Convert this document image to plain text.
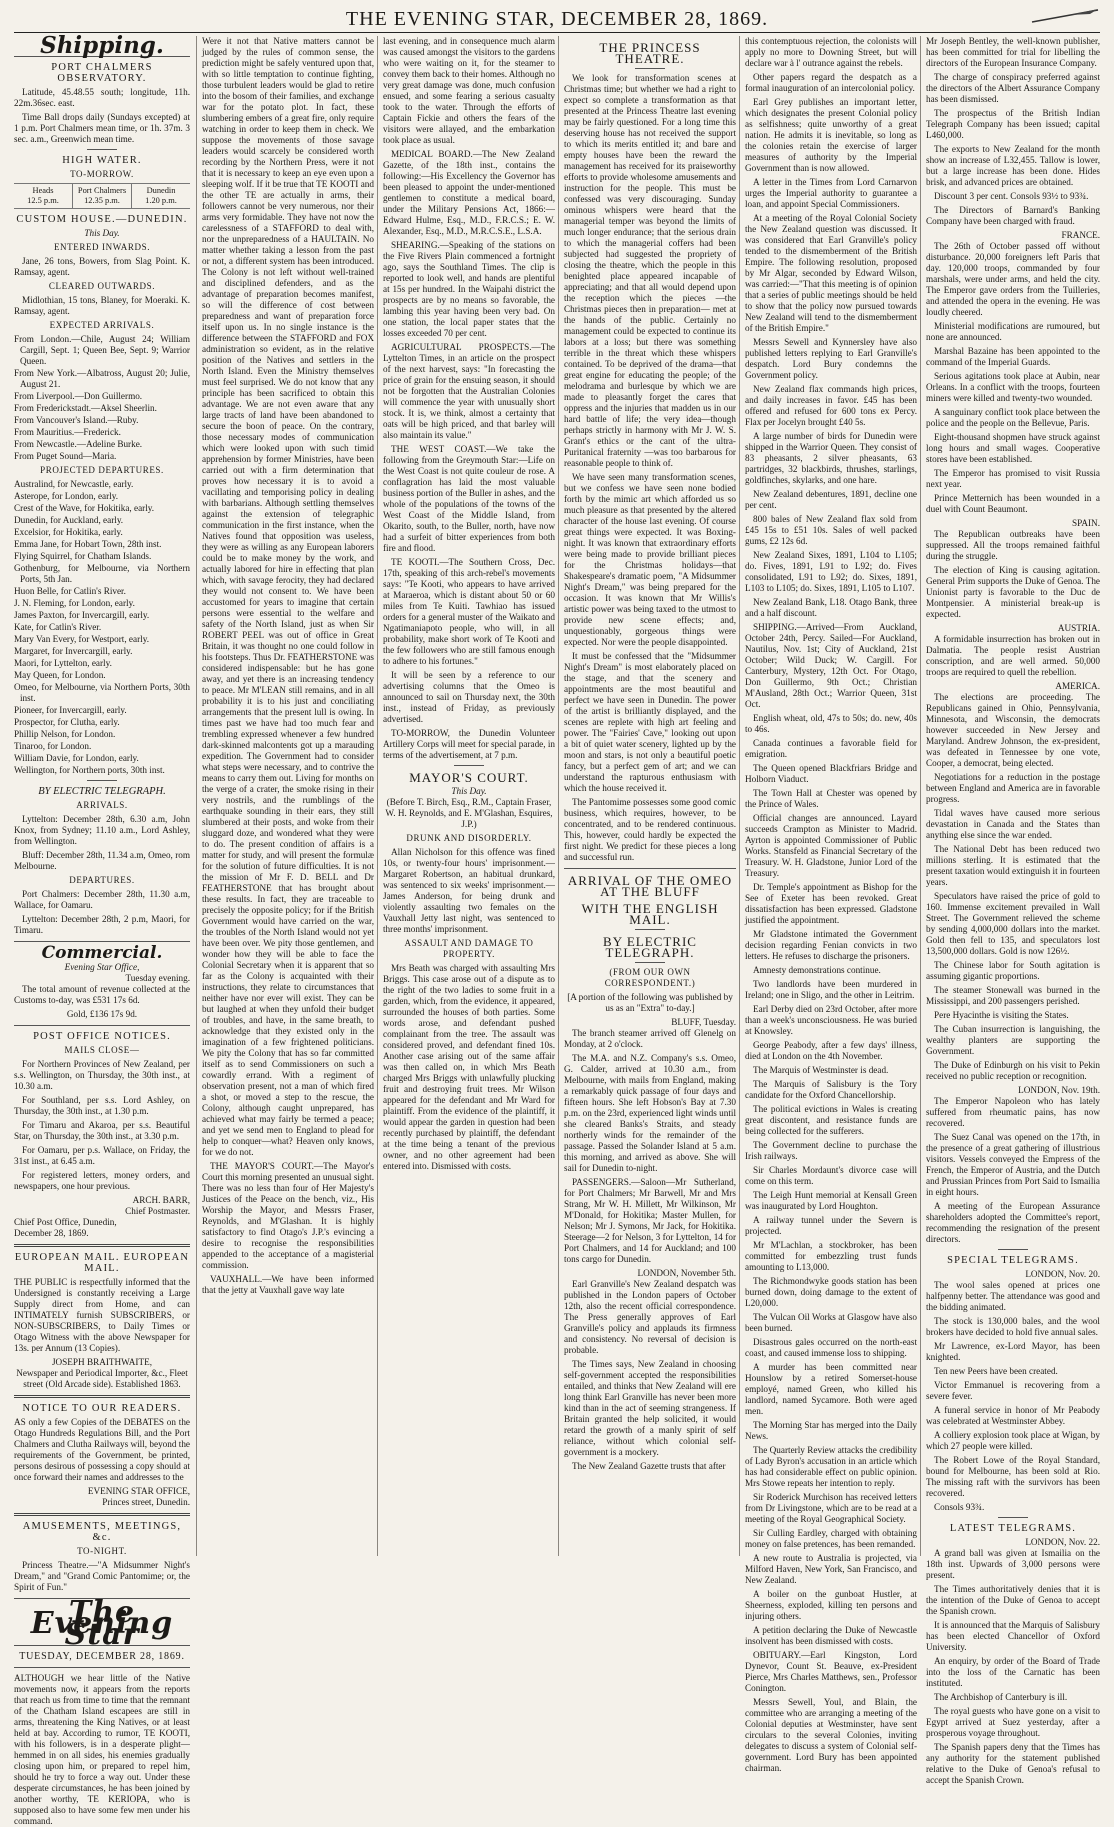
THE EVENING STAR, DECEMBER 28, 1869.
Shipping.
PORT CHALMERS OBSERVATORY.

Latitude, 45.48.55 south; longitude, 11h. 22m.36sec. east.

Time Ball drops daily (Sundays excepted) at 1 p.m. Port Chalmers mean time, or 1h. 37m. 3 sec. a.m., Greenwich mean time.

HIGH WATER.
TO-MORROW.
Heads
12.5 p.m.
Port Chalmers
12.35 p.m.
Dunedin
1.20 p.m.
CUSTOM HOUSE.—DUNEDIN.
This Day.
ENTERED INWARDS.

Jane, 26 tons, Bowers, from Slag Point. K. Ramsay, agent.

CLEARED OUTWARDS.

Midlothian, 15 tons, Blaney, for Moeraki. K. Ramsay, agent.

EXPECTED ARRIVALS.
From London.—Chile, August 24; William Cargill, Sept. 1; Queen Bee, Sept. 9; Warrior Queen.
From New York.—Albatross, August 20; Julie, August 21.
From Liverpool.—Don Guillermo.
From Frederickstadt.—Aksel Sheerlin.
From Vancouver's Island.—Ruby.
From Mauritius.—Frederick.
From Newcastle.—Adeline Burke.
From Puget Sound—Maria.
PROJECTED DEPARTURES.
Australind, for Newcastle, early.
Asterope, for London, early.
Crest of the Wave, for Hokitika, early.
Dunedin, for Auckland, early.
Excelsior, for Hokitika, early.
Emma Jane, for Hobart Town, 28th inst.
Flying Squirrel, for Chatham Islands.
Gothenburg, for Melbourne, via Northern Ports, 5th Jan.
Huon Belle, for Catlin's River.
J. N. Fleming, for London, early.
James Paxton, for Invercargill, early.
Kate, for Catlin's River.
Mary Van Every, for Westport, early.
Margaret, for Invercargill, early.
Maori, for Lyttelton, early.
May Queen, for London.
Omeo, for Melbourne, via Northern Ports, 30th inst.
Pioneer, for Invercargill, early.
Prospector, for Clutha, early.
Phillip Nelson, for London.
Tinaroo, for London.
William Davie, for London, early.
Wellington, for Northern ports, 30th inst.
BY ELECTRIC TELEGRAPH.
ARRIVALS.

Lyttelton: December 28th, 6.30 a.m, John Knox, from Sydney; 11.10 a.m., Lord Ashley, from Wellington.

Bluff: December 28th, 11.34 a.m, Omeo, rom Melbourne.

DEPARTURES.

Port Chalmers: December 28th, 11.30 a.m, Wallace, for Oamaru.

Lyttelton: December 28th, 2 p.m, Maori, for Timaru.

Commercial.
Evening Star Office,
Tuesday evening.

The total amount of revenue collected at the Customs to-day, was £531 17s 6d.

Gold, £136 17s 9d.
POST OFFICE NOTICES.
MAILS CLOSE—

For Northern Provinces of New Zealand, per s.s. Wellington, on Thursday, the 30th inst., at 10.30 a.m.

For Southland, per s.s. Lord Ashley, on Thursday, the 30th inst., at 1.30 p.m.

For Timaru and Akaroa, per s.s. Beautiful Star, on Thursday, the 30th inst., at 3.30 p.m.

For Oamaru, per p.s. Wallace, on Friday, the 31st inst., at 6.45 a.m.

For registered letters, money orders, and newspapers, one hour previous.

ARCH. BARR,
Chief Postmaster.
Chief Post Office, Dunedin,
December 28, 1869.
EUROPEAN MAIL. EUROPEAN MAIL.

THE PUBLIC is respectfully informed that the Undersigned is constantly receiving a Large Supply direct from Home, and can INTIMATELY furnish SUBSCRIBERS, or NON-SUBSCRIBERS, to Daily Times or Otago Witness with the above Newspaper for 13s. per Annum (13 Copies).

JOSEPH BRAITHWAITE,
Newspaper and Periodical Importer, &c., Fleet street (Old Arcade side). Established 1863.
NOTICE TO OUR READERS.

AS only a few Copies of the DEBATES on the Otago Hundreds Regulations Bill, and the Port Chalmers and Clutha Railways will, beyond the requirements of the Government, be printed, persons desirous of possessing a copy should at once forward their names and addresses to the

EVENING STAR OFFICE,
Princes street, Dunedin.
AMUSEMENTS, MEETINGS, &c.
TO-NIGHT.

Princess Theatre.—"A Midsummer Night's Dream," and "Grand Comic Pantomime; or, the Spirit of Fun."

The Evening Star
TUESDAY, DECEMBER 28, 1869.

ALTHOUGH we hear little of the Native movements now, it appears from the reports that reach us from time to time that the remnant of the Chatham Island escapees are still in arms, threatening the King Natives, or at least held at bay. According to rumor, TE KOOTI, with his followers, is in a desperate plight—hemmed in on all sides, his enemies gradually closing upon him, or prepared to repel him, should he try to force a way out. Under these desperate circumstances, he has been joined by another worthy, TE KERIOPA, who is supposed also to have some few men under his command.

Were it not that Native matters cannot be judged by the rules of common sense, the prediction might be safely ventured upon that, with so little temptation to continue fighting, those turbulent leaders would be glad to retire into the bosom of their families, and exchange war for the potato plot. In fact, these slumbering embers of a great fire, only require watching in order to keep them in check. We suppose the movements of those savage leaders would scarcely be considered worth recording by the Northern Press, were it not that it is necessary to keep an eye even upon a sleeping wolf. If it be true that TE KOOTI and the other TE are actually in arms, their followers cannot be very numerous, nor their arms very formidable. They have not now the carelessness of a STAFFORD to deal with, nor the unpreparedness of a HAULTAIN. No matter whether taking a lesson from the past or not, a different system has been introduced. The Colony is not left without well-trained and disciplined defenders, and as the advantage of preparation becomes manifest, so will the difference of cost between preparedness and want of preparation force itself upon us. In no single instance is the difference between the STAFFORD and FOX administration so evident, as in the relative position of the Natives and settlers in the North Island. Even the Ministry themselves must feel surprised. We do not know that any principle has been sacrificed to obtain this advantage. We are not even aware that any large tracts of land have been abandoned to secure the boon of peace. On the contrary, those necessary modes of communication which were looked upon with such timid apprehension by former Ministries, have been carried out with a firm determination that proves how necessary it is to avoid a vacillating and temporising policy in dealing with barbarians. Although settling themselves against the extension of telegraphic communication in the first instance, when the Natives found that opposition was useless, they were as willing as any European laborers could be to make money by the work, and actually labored for hire in effecting that plan which, with savage ferocity, they had declared they would not consent to. We have been accustomed for years to imagine that certain persons were essential to the welfare and safety of the North Island, just as when Sir ROBERT PEEL was out of office in Great Britain, it was thought no one could follow in his footsteps. Thus Dr. FEATHERSTONE was considered indispensable: but he has gone away, and yet there is an increasing tendency to peace. Mr M'LEAN still remains, and in all probability it is to his just and conciliating arrangements that the present lull is owing. In times past we have had too much fear and trembling expressed whenever a few hundred dark-skinned malcontents got up a marauding expedition. The Government had to consider what steps were necessary, and to contrive the means to carry them out. Living for months on the verge of a crater, the smoke rising in their very nostrils, and the rumblings of the earthquake sounding in their ears, they still slumbered at their posts, and woke from their sluggard doze, and wondered what they were to do. The present condition of affairs is a matter for study, and will present the formulæ for the solution of future difficulties. It is not the mission of Mr F. D. BELL and Dr FEATHERSTONE that has brought about these results. In fact, they are traceable to precisely the opposite policy; for if the British Government would have carried on the war, the troubles of the North Island would not yet have been over. We pity those gentlemen, and wonder how they will be able to face the Colonial Secretary when it is apparent that so far as the Colony is acquainted with their instructions, they relate to circumstances that neither have nor ever will exist. They can be but laughed at when they unfold their budget of troubles, and have, in the same breath, to acknowledge that they existed only in the imagination of a few frightened politicians. We pity the Colony that has so far committed itself as to send Commissioners on such a cowardly errand. With a regiment of observation present, not a man of which fired a shot, or moved a step to the rescue, the Colony, although caught unprepared, has achieved what may fairly be termed a peace; and yet we send men to England to plead for help to conquer—what? Heaven only knows, for we do not.

THE MAYOR'S COURT.—The Mayor's Court this morning presented an unusual sight. There was no less than four of Her Majesty's Justices of the Peace on the bench, viz., His Worship the Mayor, and Messrs Fraser, Reynolds, and M'Glashan. It is highly satisfactory to find Otago's J.P.'s evincing a desire to recognise the responsibilities appended to the acceptance of a magisterial commission.

VAUXHALL.—We have been informed that the jetty at Vauxhall gave way late

last evening, and in consequence much alarm was caused amongst the visitors to the gardens who were waiting on it, for the steamer to convey them back to their homes. Although no very great damage was done, much confusion ensued, and some fearing a serious casualty took to the water. Through the efforts of Captain Fickie and others the fears of the visitors were allayed, and the embarkation took place as usual.

MEDICAL BOARD.—The New Zealand Gazette, of the 18th inst., contains the following:—His Excellency the Governor has been pleased to appoint the under-mentioned gentlemen to constitute a medical board, under the Military Pensions Act, 1866:—Edward Hulme, Esq., M.D., F.R.C.S.; E. W. Alexander, Esq., M.D., M.R.C.S.E., L.S.A.

SHEARING.—Speaking of the stations on the Five Rivers Plain commenced a fortnight ago, says the Southland Times. The clip is reported to look well, and hands are plentiful at 15s per hundred. In the Waipahi district the prospects are by no means so favorable, the lambing this year having been very bad. On one station, the local paper states that the losses exceeded 70 per cent.

AGRICULTURAL PROSPECTS.—The Lyttelton Times, in an article on the prospect of the next harvest, says: "In forecasting the price of grain for the ensuing season, it should not be forgotten that the Australian Colonies will commence the year with unusually short stock. It is, we think, almost a certainty that oats will be high priced, and that barley will also maintain its value."

THE WEST COAST.—We take the following from the Greymouth Star:—Life on the West Coast is not quite couleur de rose. A conflagration has laid the most valuable business portion of the Buller in ashes, and the whole of the populations of the towns of the West Coast of the Middle Island, from Okarito, south, to the Buller, north, have now had a surfeit of bitter experiences from both fire and flood.

TE KOOTI.—The Southern Cross, Dec. 17th, speaking of this arch-rebel's movements says: "Te Kooti, who appears to have arrived at Maraeroa, which is distant about 50 or 60 miles from Te Kuiti. Tawhiao has issued orders for a general muster of the Waikato and Ngatimaniapoto people, who will, in all probability, make short work of Te Kooti and the few followers who are still famous enough to adhere to his fortunes."

It will be seen by a reference to our advertising columns that the Omeo is announced to sail on Thursday next, the 30th inst., instead of Friday, as previously advertised.

TO-MORROW, the Dunedin Volunteer Artillery Corps will meet for special parade, in terms of the advertisement, at 7 p.m.

MAYOR'S COURT.
This Day.

(Before T. Birch, Esq., R.M., Captain Fraser, W. H. Reynolds, and E. M'Glashan, Esquires, J.P.)

DRUNK AND DISORDERLY.

Allan Nicholson for this offence was fined 10s, or twenty-four hours' imprisonment.—Margaret Robertson, an habitual drunkard, was sentenced to six weeks' imprisonment.—James Anderson, for being drunk and violently assaulting two females on the Vauxhall Jetty last night, was sentenced to three months' imprisonment.

ASSAULT AND DAMAGE TO PROPERTY.

Mrs Beath was charged with assaulting Mrs Briggs. This case arose out of a dispute as to the right of the two ladies to some fruit in a garden, which, from the evidence, it appeared, surrounded the houses of both parties. Some words arose, and defendant pushed complainant from the tree. The assault was considered proved, and defendant fined 10s. Another case arising out of the same affair was then called on, in which Mrs Beath charged Mrs Briggs with unlawfully plucking fruit and destroying fruit trees. Mr Wilson appeared for the defendant and Mr Ward for plaintiff. From the evidence of the plaintiff, it would appear the garden in question had been recently purchased by plaintiff, the defendant at the time being a tenant of the previous owner, and no other agreement had been entered into. Dismissed with costs.

THE PRINCESS THEATRE.

We look for transformation scenes at Christmas time; but whether we had a right to expect so complete a transformation as that presented at the Princess Theatre last evening may be fairly questioned. For a long time this deserving house has not received the support to which its merits entitled it; and bare and empty houses have been the reward the management has received for its praiseworthy efforts to provide wholesome amusements and instruction for the people. This must be confessed was very discouraging. Sunday ominous whispers were heard that the managerial temper was beyond the limits of much longer endurance; that the serious drain to which the managerial coffers had been subjected had suggested the propriety of closing the theatre, which the people in this benighted place appeared incapable of appreciating; and that all would depend upon the reception which the pieces —the Christmas pieces then in preparation— met at the hands of the public. Certainly no management could be expected to continue its labors at a loss; but there was something terrible in the threat which these whispers contained. To be deprived of the drama—that great engine for educating the people; of the melodrama and burlesque by which we are made to pleasantly forget the cares that oppress and the injuries that madden us in our hard battle of life; the very idea—though perhaps strictly in harmony with Mr J. W. S. Grant's ethics or the cant of the ultra-Puritanical fraternity —was too barbarous for reasonable people to think of.

We have seen many transformation scenes, but we confess we have seen none bodied forth by the mimic art which afforded us so much pleasure as that presented by the altered character of the house last evening. Of course great things were expected. It was Boxing-night. It was known that extraordinary efforts were being made to provide brilliant pieces for the Christmas holidays—that Shakespeare's dramatic poem, "A Midsummer Night's Dream," was being prepared for the occasion. It was known that Mr Willis's artistic power was being taxed to the utmost to provide new scene effects; and, unquestionably, gorgeous things were expected. Nor were the people disappointed.

It must be confessed that the "Midsummer Night's Dream" is most elaborately placed on the stage, and that the scenery and appointments are the most beautiful and perfect we have seen in Dunedin. The power of the artist is brilliantly displayed, and the scenes are replete with high art feeling and power. The "Fairies' Cave," looking out upon a bit of quiet water scenery, lighted up by the moon and stars, is not only a beautiful poetic fancy, but a perfect gem of art; and we can understand the rapturous enthusiasm with which the house received it.

The Pantomime possesses some good comic business, which requires, however, to be concentrated, and to be rendered continuous. This, however, could hardly be expected the first night. We predict for these pieces a long and successful run.

ARRIVAL OF THE OMEO AT THE BLUFF
WITH THE ENGLISH MAIL.
BY ELECTRIC TELEGRAPH.
(FROM OUR OWN CORRESPONDENT.)

[A portion of the following was published by us as an "Extra" to-day.]

BLUFF, Tuesday.

The branch steamer arrived off Glenelg on Monday, at 2 o'clock.

The M.A. and N.Z. Company's s.s. Omeo, G. Calder, arrived at 10.30 a.m., from Melbourne, with mails from England, making a remarkably quick passage of four days and fifteen hours. She left Hobson's Bay at 7.30 p.m. on the 23rd, experienced light winds until she cleared Banks's Straits, and steady northerly winds for the remainder of the passage. Passed the Solander Island at 5 a.m. this morning, and arrived as above. She will sail for Dunedin to-night.

PASSENGERS.—Saloon—Mr Sutherland, for Port Chalmers; Mr Barwell, Mr and Mrs Strang, Mr W. H. Millett, Mr Wilkinson, Mr M'Donald, for Hokitika; Master Mullen, for Nelson; Mr J. Symons, Mr Jack, for Hokitika. Steerage—2 for Nelson, 3 for Lyttelton, 14 for Port Chalmers, and 14 for Auckland; and 100 tons cargo for Dunedin.

LONDON, November 5th.

Earl Granville's New Zealand despatch was published in the London papers of October 12th, also the recent official correspondence. The Press generally approves of Earl Granville's policy and applauds its firmness and consistency. No reversal of decision is probable.

The Times says, New Zealand in choosing self-government accepted the responsibilities entailed, and thinks that New Zealand will ere long think Earl Granville has never been more kind than in the act of seeming strangeness. If Britain granted the help solicited, it would retard the growth of a manly spirit of self reliance, without which colonial self-government is a mockery.

The New Zealand Gazette trusts that after

this contemptuous rejection, the colonists will apply no more to Downing Street, but will declare war à l' outrance against the rebels.

Other papers regard the despatch as a formal inauguration of an intercolonial policy.

Earl Grey publishes an important letter, which designates the present Colonial policy as selfishness; quite unworthy of a great nation. He admits it is inevitable, so long as the colonies retain the exercise of larger measures of authority by the Imperial Government than is now allowed.

A letter in the Times from Lord Carnarvon urges the Imperial authority to guarantee a loan, and appoint Special Commissioners.

At a meeting of the Royal Colonial Society the New Zealand question was discussed. It was considered that Earl Granville's policy tended to the dismemberment of the British Empire. The following resolution, proposed by Mr Algar, seconded by Edward Wilson, was carried:—"That this meeting is of opinion that a series of public meetings should be held to show that the policy now pursued towards New Zealand will tend to the dismemberment of the British Empire."

Messrs Sewell and Kynnersley have also published letters replying to Earl Granville's despatch. Lord Bury condemns the Government policy.

New Zealand flax commands high prices, and daily increases in favor. £45 has been offered and refused for 600 tons ex Percy. Flax per Jocelyn brought £40 5s.

A large number of birds for Dunedin were shipped in the Warrior Queen. They consist of 83 pheasants, 2 silver pheasants, 63 partridges, 32 blackbirds, thrushes, starlings, goldfinches, skylarks, and one hare.

New Zealand debentures, 1891, decline one per cent.

800 bales of New Zealand flax sold from £45 15s to £51 10s. Sales of well packed gums, £2 12s 6d.

New Zealand Sixes, 1891, L104 to L105; do. Fives, 1891, L91 to L92; do. Fives consolidated, L91 to L92; do. Sixes, 1891, L103 to L105; do. Sixes, 1891, L105 to L107.

New Zealand Bank, L18. Otago Bank, three and a half discount.

SHIPPING.—Arrived—From Auckland, October 24th, Percy. Sailed—For Auckland, Nautilus, Nov. 1st; City of Auckland, 21st October; Wild Duck; W. Cargill. For Canterbury, Mystery, 12th Oct. For Otago, Don Guillermo, 9th Oct.; Christian M'Ausland, 28th Oct.; Warrior Queen, 31st Oct.

English wheat, old, 47s to 50s; do. new, 40s to 46s.

Canada continues a favorable field for emigration.

The Queen opened Blackfriars Bridge and Holborn Viaduct.

The Town Hall at Chester was opened by the Prince of Wales.

Official changes are announced. Layard succeeds Crampton as Minister to Madrid. Ayrton is appointed Commissioner of Public Works. Stansfeld as Financial Secretary of the Treasury. W. H. Gladstone, Junior Lord of the Treasury.

Dr. Temple's appointment as Bishop for the See of Exeter has been revoked. Great dissatisfaction has been expressed. Gladstone justified the appointment.

Mr Gladstone intimated the Government decision regarding Fenian convicts in two letters. He refuses to discharge the prisoners.

Amnesty demonstrations continue.

Two landlords have been murdered in Ireland; one in Sligo, and the other in Leitrim.

Earl Derby died on 23rd October, after more than a week's unconsciousness. He was buried at Knowsley.

George Peabody, after a few days' illness, died at London on the 4th November.

The Marquis of Westminster is dead.

The Marquis of Salisbury is the Tory candidate for the Oxford Chancellorship.

The political evictions in Wales is creating great discontent, and resistance funds are being collected for the sufferers.

The Government decline to purchase the Irish railways.

Sir Charles Mordaunt's divorce case will come on this term.

The Leigh Hunt memorial at Kensall Green was inaugurated by Lord Houghton.

A railway tunnel under the Severn is projected.

Mr M'Lachlan, a stockbroker, has been committed for embezzling trust funds amounting to L13,000.

The Richmondwyke goods station has been burned down, doing damage to the extent of L20,000.

The Vulcan Oil Works at Glasgow have also been burned.

Disastrous gales occurred on the north-east coast, and caused immense loss to shipping.

A murder has been committed near Hounslow by a retired Somerset-house employé, named Green, who killed his landlord, named Sycamore. Both were aged men.

The Morning Star has merged into the Daily News.

The Quarterly Review attacks the credibility of Lady Byron's accusation in an article which has had considerable effect on public opinion. Mrs Stowe repeats her intention to reply.

Sir Roderick Murchison has received letters from Dr Livingstone, which are to be read at a meeting of the Royal Geographical Society.

Sir Culling Eardley, charged with obtaining money on false pretences, has been remanded.

A new route to Australia is projected, via Milford Haven, New York, San Francisco, and New Zealand.

A boiler on the gunboat Hustler, at Sheerness, exploded, killing ten persons and injuring others.

A petition declaring the Duke of Newcastle insolvent has been dismissed with costs.

OBITUARY.—Earl Kingston, Lord Dynevor, Count St. Beauve, ex-President Pierce, Mrs Charles Matthews, sen., Professor Conington.

Messrs Sewell, Youl, and Blain, the committee who are arranging a meeting of the Colonial deputies at Westminster, have sent circulars to the several Colonies, inviting delegates to discuss a system of Colonial self-government. Lord Bury has been appointed chairman.

Mr Joseph Bentley, the well-known publisher, has been committed for trial for libelling the directors of the European Insurance Company.

The charge of conspiracy preferred against the directors of the Albert Assurance Company has been dismissed.

The prospectus of the British Indian Telegraph Company has been issued; capital L460,000.

The exports to New Zealand for the month show an increase of L32,455. Tallow is lower, but a large increase has been done. Hides brisk, and advanced prices are obtained.

Discount 3 per cent. Consols 93½ to 93¾.

The Directors of Barnard's Banking Company have been charged with fraud.

FRANCE.

The 26th of October passed off without disturbance. 20,000 foreigners left Paris that day. 120,000 troops, commanded by four marshals, were under arms, and held the city. The Emperor gave orders from the Tuilleries, and attended the opera in the evening. He was loudly cheered.

Ministerial modifications are rumoured, but none are announced.

Marshal Bazaine has been appointed to the command of the Imperial Guards.

Serious agitations took place at Aubin, near Orleans. In a conflict with the troops, fourteen miners were killed and twenty-two wounded.

A sanguinary conflict took place between the police and the people on the Bellevue, Paris.

Eight-thousand shopmen have struck against long hours and small wages. Cooperative stores have been established.

The Emperor has promised to visit Russia next year.

Prince Metternich has been wounded in a duel with Count Beaumont.

SPAIN.

The Republican outbreaks have been suppressed. All the troops remained faithful during the struggle.

The election of King is causing agitation. General Prim supports the Duke of Genoa. The Unionist party is favorable to the Duc de Montpensier. A ministerial break-up is expected.

AUSTRIA.

A formidable insurrection has broken out in Dalmatia. The people resist Austrian conscription, and are well armed. 50,000 troops are required to quell the rebellion.

AMERICA.

The elections are proceeding. The Republicans gained in Ohio, Pennsylvania, Minnesota, and Wisconsin, the democrats however succeeded in New Jersey and Maryland. Andrew Johnson, the ex-president, was defeated in Tennessee by one vote, Cooper, a democrat, being elected.

Negotiations for a reduction in the postage between England and America are in favorable progress.

Tidal waves have caused more serious devastation in Canada and the States than anything else since the war ended.

The National Debt has been reduced two millions sterling. It is estimated that the present taxation would extinguish it in fourteen years.

Speculators have raised the price of gold to 160. Immense excitement prevailed in Wall Street. The Government relieved the scheme by sending 4,000,000 dollars into the market. Gold then fell to 135, and speculators lost 13,500,000 dollars. Gold is now 126½.

The Chinese labor for South agitation is assuming gigantic proportions.

The steamer Stonewall was burned in the Mississippi, and 200 passengers perished.

Pere Hyacinthe is visiting the States.

The Cuban insurrection is languishing, the wealthy planters are supporting the Government.

The Duke of Edinburgh on his visit to Pekin received no public reception or recognition.

LONDON, Nov. 19th.

The Emperor Napoleon who has lately suffered from rheumatic pains, has now recovered.

The Suez Canal was opened on the 17th, in the presence of a great gathering of illustrious visitors. Vessels conveyed the Empress of the French, the Emperor of Austria, and the Dutch and Prussian Princes from Port Said to Ismailia in eight hours.

A meeting of the European Assurance shareholders adopted the Committee's report, recommending the resignation of the present directors.

SPECIAL TELEGRAMS.
LONDON, Nov. 20.

The wool sales opened at prices one halfpenny better. The attendance was good and the bidding animated.

The stock is 130,000 bales, and the wool brokers have decided to hold five annual sales.

Mr Lawrence, ex-Lord Mayor, has been knighted.

Ten new Peers have been created.

Victor Emmanuel is recovering from a severe fever.

A funeral service in honor of Mr Peabody was celebrated at Westminster Abbey.

A colliery explosion took place at Wigan, by which 27 people were killed.

The Robert Lowe of the Royal Standard, bound for Melbourne, has been sold at Rio. The missing raft with the survivors has been recovered.

Consols 93¾.

LATEST TELEGRAMS.
LONDON, Nov. 22.

A grand ball was given at Ismailia on the 18th inst. Upwards of 3,000 persons were present.

The Times authoritatively denies that it is the intention of the Duke of Genoa to accept the Spanish crown.

It is announced that the Marquis of Salisbury has been elected Chancellor of Oxford University.

An enquiry, by order of the Board of Trade into the loss of the Carnatic has been instituted.

The Archbishop of Canterbury is ill.

The royal guests who have gone on a visit to Egypt arrived at Suez yesterday, after a prosperous voyage throughout.

The Spanish papers deny that the Times has any authority for the statement published relative to the Duke of Genoa's refusal to accept the Spanish Crown.
